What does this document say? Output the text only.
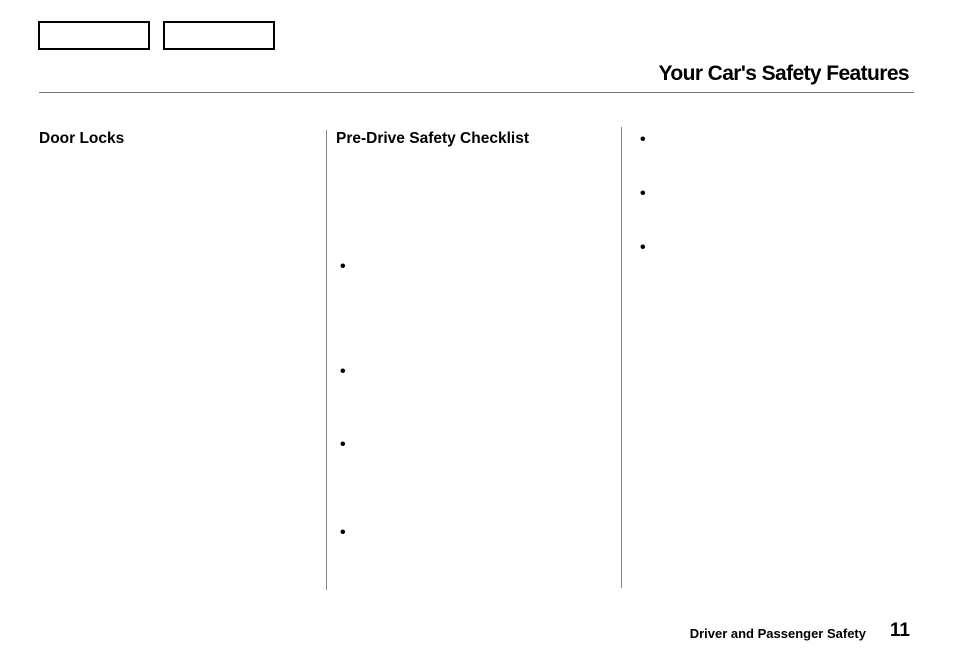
Your Car's Safety Features
Door Locks	Pre-Drive Safety Checklist
•
•
•
•
•
•
•
Driver and Passenger Safety 11
